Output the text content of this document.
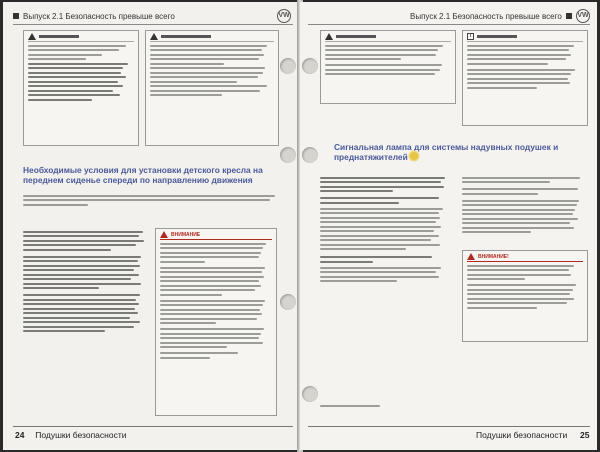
Выпуск 2.1 Безопасность превыше всего	VW
Необходимые условия для установки детского кресла на переднем сиденье спереди по направлению движения
ВНИМАНИЕ
24 Подушки безопасности
Выпуск 2.1 Безопасность превыше всего VW
i
Сигнальная лампа для системы надувных подушек и преднатяжителей
ВНИМАНИЕ!
Подушки безопасности 25
